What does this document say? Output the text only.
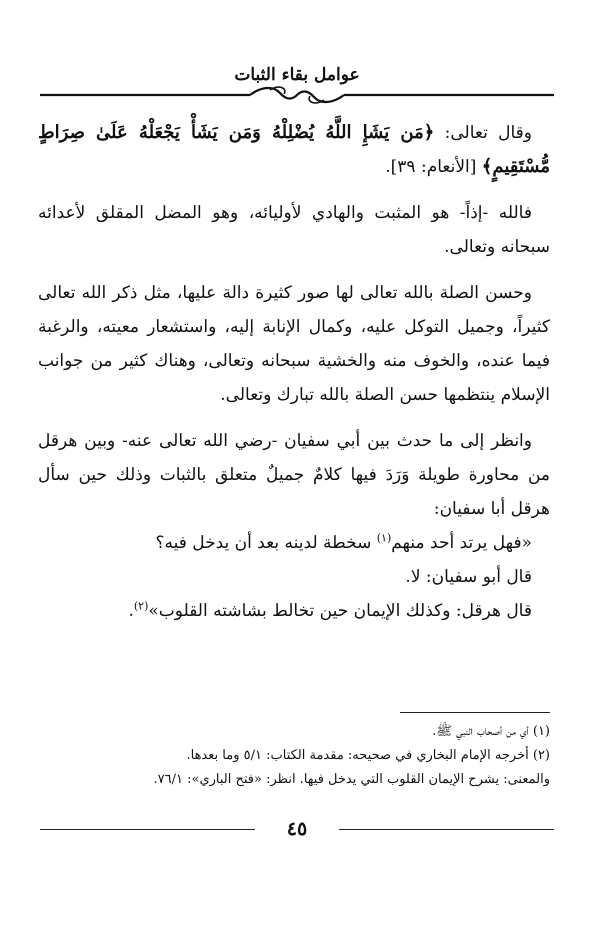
عوامل بقاء الثبات

وقال تعالى: ﴿مَن يَشَإِ اللَّهُ يُضْلِلْهُ وَمَن يَشَأْ يَجْعَلْهُ عَلَىٰ صِرَاطٍ مُّسْتَقِيمٍ﴾ [الأنعام: ٣٩].

فالله -إذاً- هو المثبت والهادي لأوليائه، وهو المضل المقلق لأعدائه سبحانه وتعالى.

وحسن الصلة بالله تعالى لها صور كثيرة دالة عليها، مثل ذكر الله تعالى كثيراً، وجميل التوكل عليه، وكمال الإنابة إليه، واستشعار معيته، والرغبة فيما عنده، والخوف منه والخشية سبحانه وتعالى، وهناك كثير من جوانب الإسلام ينتظمها حسن الصلة بالله تبارك وتعالى.

وانظر إلى ما حدث بين أبي سفيان -رضي الله تعالى عنه- وبين هرقل من محاورة طويلة وَرَدَ فيها كلامٌ جميلٌ متعلق بالثبات وذلك حين سأل هرقل أبا سفيان:

«فهل يرتد أحد منهم$^{(١)}$ سخطة لدينه بعد أن يدخل فيه؟

قال أبو سفيان: لا.

قال هرقل: وكذلك الإيمان حين تخالط بشاشته القلوب»$^{(٢)}$.

(١) أي من أصحاب النبي ﷺ.

(٢) أخرجه الإمام البخاري في صحيحه: مقدمة الكتاب: ٥/١ وما بعدها.

والمعنى: يشرح الإيمان القلوب التي يدخل فيها. انظر: «فتح الباري»: ٧٦/١.

٤٥
